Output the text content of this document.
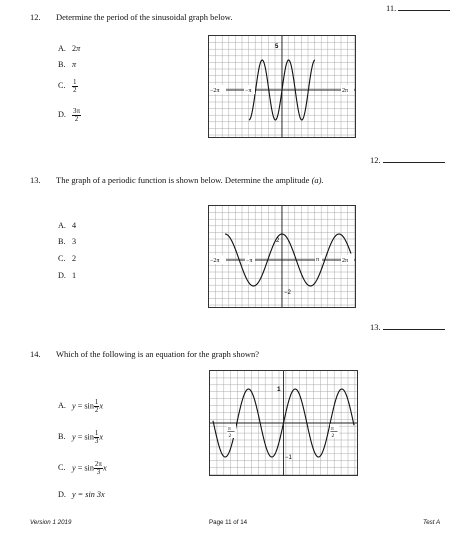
11.
12.
13.
12. Determine the period of the sinusoidal graph below.
A. 2π
B. π
C. $\frac{1}{2}$
D. $\frac{3\pi}{2}$
−2π	−π	2π
5
13. The graph of a periodic function is shown below. Determine the amplitude (a).
A. 4
B. 3
C. 2
D. 1
−2π	−π	π	2π
2
−2
14. Which of the following is an equation for the graph shown?
A. $y = \sin \frac{1}{2}$ x
B. $y = \sin \frac{1}{3}$ x
C. $y = \sin \frac{2\pi}{3}$ x
D. y = sin 3x
1
−1
π
2
π
2
Version 1 2019	Page 11 of 14	Test A
